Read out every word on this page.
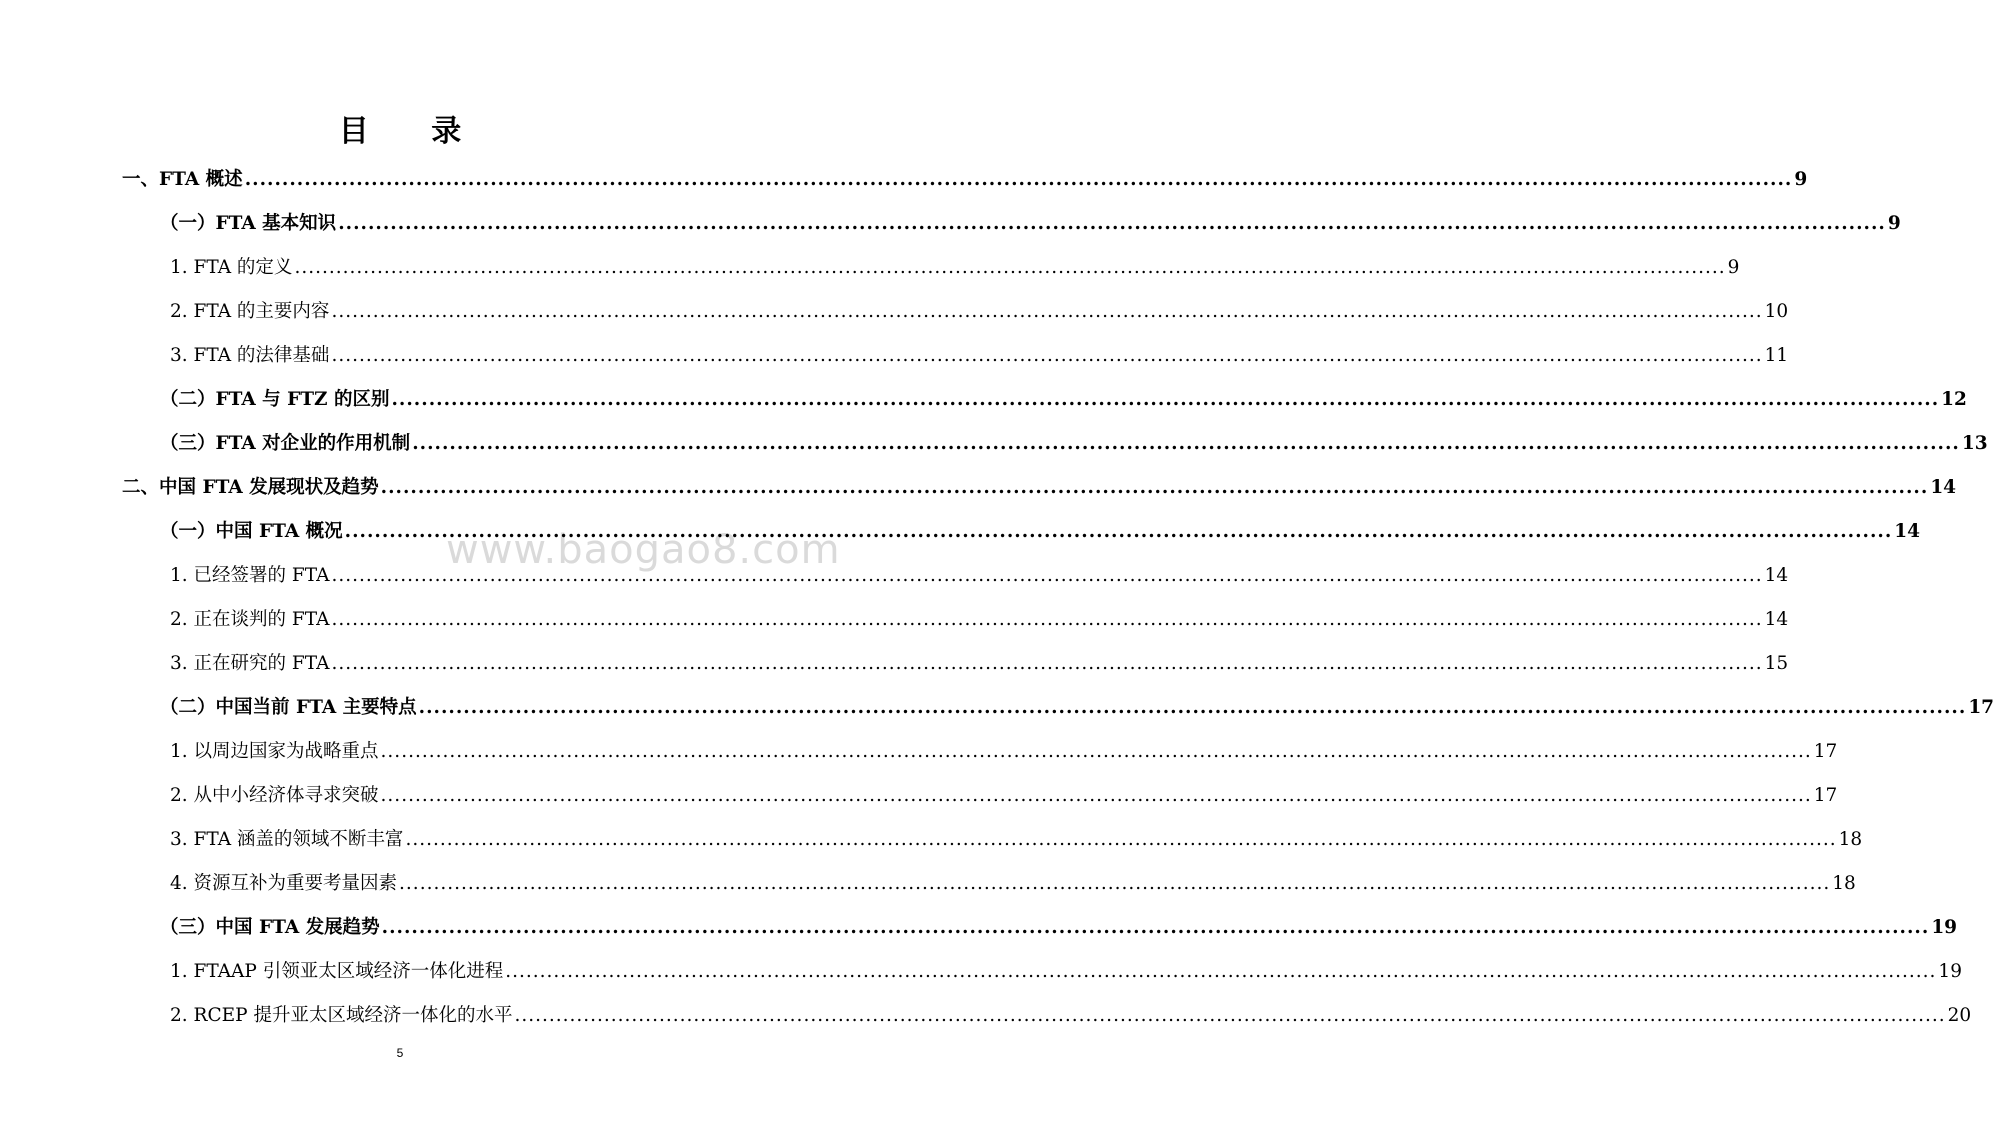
目 录
www.baogao8.com
一、FTA 概述 .....	9
（一）FTA 基本知识 .....	9
1. FTA 的定义 .....	9
2. FTA 的主要内容 .....	10
3. FTA 的法律基础 .....	11
（二）FTA 与 FTZ 的区别 .....	12
（三）FTA 对企业的作用机制 .....	13
二、中国 FTA 发展现状及趋势 .....	14
（一）中国 FTA 概况 .....	14
1. 已经签署的 FTA .....	14
2. 正在谈判的 FTA .....	14
3. 正在研究的 FTA .....	15
（二）中国当前 FTA 主要特点 .....	17
1. 以周边国家为战略重点 .....	17
2. 从中小经济体寻求突破 .....	17
3. FTA 涵盖的领域不断丰富 .....	18
4. 资源互补为重要考量因素 .....	18
（三）中国 FTA 发展趋势 .....	19
1. FTAAP 引领亚太区域经济一体化进程 .....	19
2. RCEP 提升亚太区域经济一体化的水平 .....	20
5
